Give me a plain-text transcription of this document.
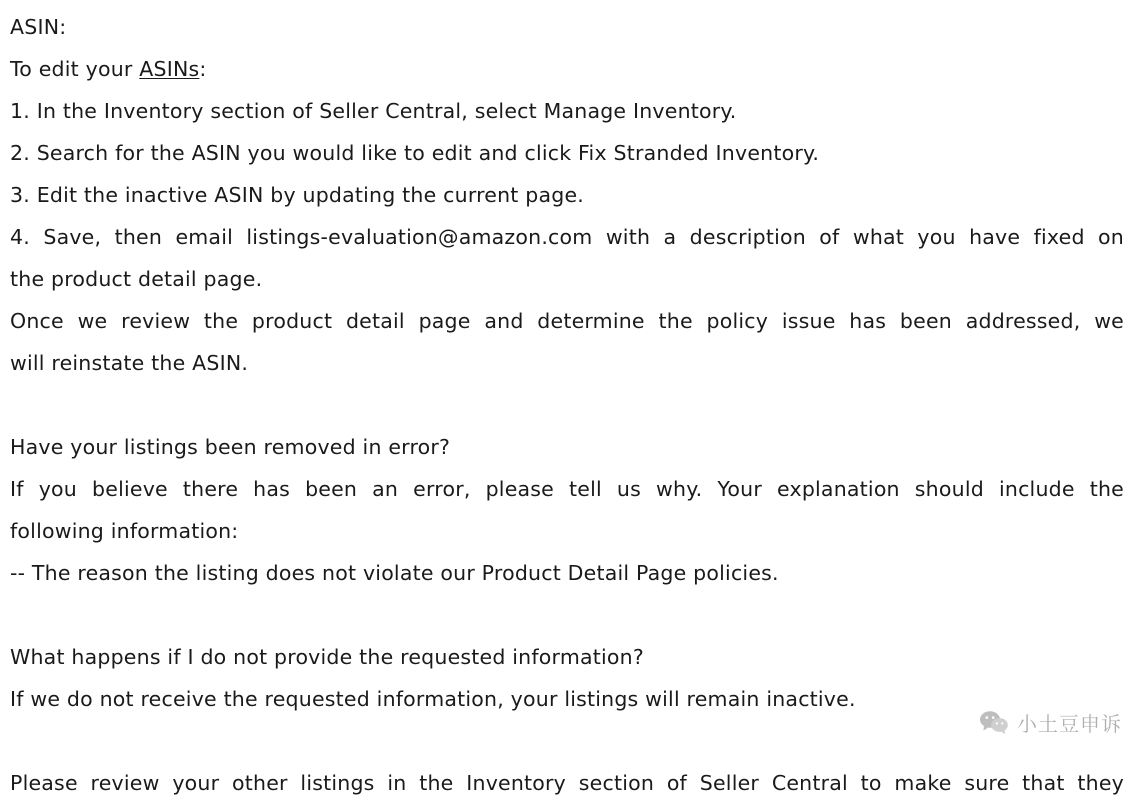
ASIN:
To edit your ASINs:
1. In the Inventory section of Seller Central, select Manage Inventory.
2. Search for the ASIN you would like to edit and click Fix Stranded Inventory.
3. Edit the inactive ASIN by updating the current page.
4. Save, then email listings-evaluation@amazon.com with a description of what you have fixed on
the product detail page.
Once we review the product detail page and determine the policy issue has been addressed, we
will reinstate the ASIN.
Have your listings been removed in error?
If you believe there has been an error, please tell us why. Your explanation should include the
following information:
-- The reason the listing does not violate our Product Detail Page policies.
What happens if I do not provide the requested information?
If we do not receive the requested information, your listings will remain inactive.
Please review your other listings in the Inventory section of Seller Central to make sure that they
小土豆申诉
